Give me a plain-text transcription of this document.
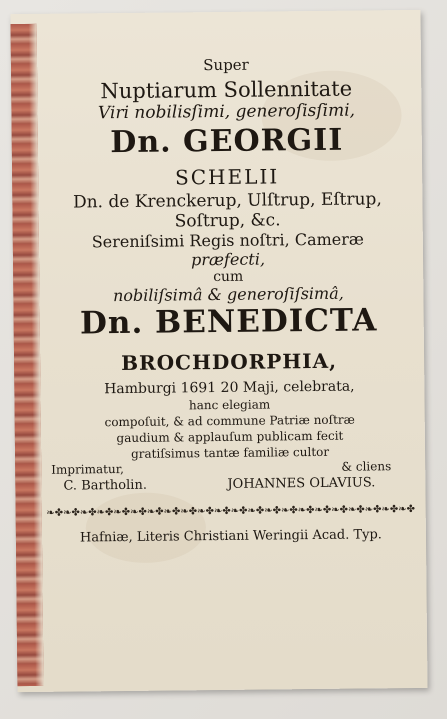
Super
Nuptiarum Sollennitate
Viri nobilisſimi, generoſisſimi,
Dn. GEORGII
SCHELII
Dn. de Krenckerup, Ulſtrup, Eſtrup,
Soſtrup, &c.
Sereniſsimi Regis noſtri, Cameræ
præfecti,
cum
nobiliſsimâ & generoſiſsimâ,
Dn. BENEDICTA
BROCHDORPHIA,
Hamburgi 1691 20 Maji, celebrata,
hanc elegiam
compoſuit, & ad commune Patriæ noſtræ
gaudium & applauſum publicam fecit
gratiſsimus tantæ familiæ cultor
Imprimatur,	& cliens
C. Bartholin.	JOHANNES OLAVIUS.
❧✤❧✤❧✤❧✤❧✤❧✤❧✤❧✤❧✤❧✤❧✤❧✤❧✤❧✤❧✤❧✤❧✤❧✤❧✤❧✤❧✤❧✤
Hafniæ, Literis Christiani Weringii Acad. Typ.
